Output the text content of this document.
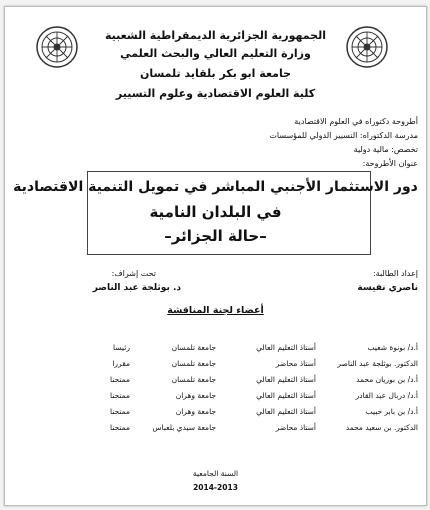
الجمهورية الجزائرية الديمقراطية الشعبية
وزارة التعليم العالي والبحث العلمي
جامعة ابو بكر بلقايد تلمسان
كلية العلوم الاقتصادية وعلوم التسيير
أطروحة دكتوراه في العلوم الاقتصادية
مدرسة الدكتوراه: التسيير الدولي للمؤسسات
تخصص: مالية دولية
عنوان الأطروحة:
دور الاستثمار الأجنبي المباشر في تمويل التنمية الاقتصادية
في البلدان النامية
–حالة الجزائر–
إعداد الطالبة:
ناصري نفيسة
تحت إشراف:
د. بوثلجة عبد الناصر
أعضاء لجنة المناقشة
أ.د/ بونوة شعيب
أستاذ التعليم العالي
جامعة تلمسان
رئيسا
الدكتور. بوثلجة عبد الناصر
أستاذ محاضر
جامعة تلمسان
مقررا
أ.د/ بن بوزيان محمد
أستاذ التعليم العالي
جامعة تلمسان
ممتحنا
أ.د/ دربال عبد القادر
أستاذ التعليم العالي
جامعة وهران
ممتحنا
أ.د/ بن بابر حبيب
أستاذ التعليم العالي
جامعة وهران
ممتحنا
الدكتور. بن سعيد محمد
أستاذ محاضر
جامعة سيدي بلعباس
ممتحنا
السنة الجامعية
2014-2013
